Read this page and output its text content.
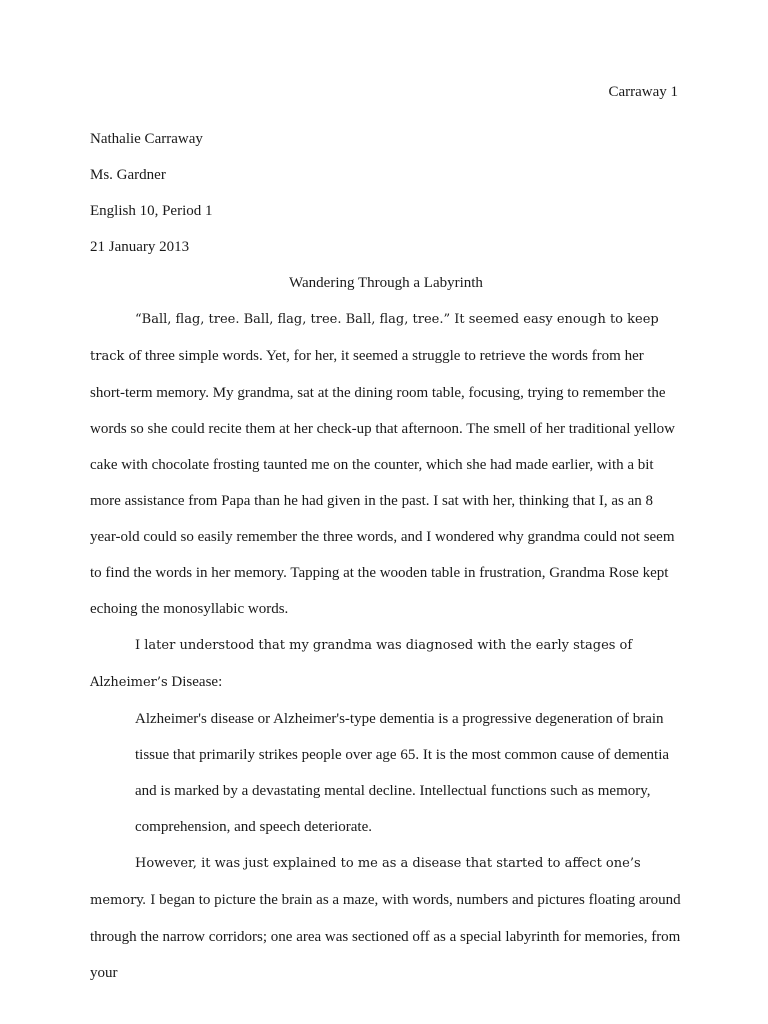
Carraway 1

Nathalie Carraway

Ms. Gardner

English 10, Period 1

21 January 2013

Wandering Through a Labyrinth

“Ball, flag, tree. Ball, flag, tree. Ball, flag, tree.” It seemed easy enough to keep track of three simple words. Yet, for her, it seemed a struggle to retrieve the words from her short-term memory. My grandma, sat at the dining room table, focusing, trying to remember the words so she could recite them at her check-up that afternoon. The smell of her traditional yellow cake with chocolate frosting taunted me on the counter, which she had made earlier, with a bit more assistance from Papa than he had given in the past. I sat with her, thinking that I, as an 8 year-old could so easily remember the three words, and I wondered why grandma could not seem to find the words in her memory. Tapping at the wooden table in frustration, Grandma Rose kept echoing the monosyllabic words.

I later understood that my grandma was diagnosed with the early stages of Alzheimer’s Disease:

Alzheimer's disease or Alzheimer's-type dementia is a progressive degeneration of brain tissue that primarily strikes people over age 65. It is the most common cause of dementia and is marked by a devastating mental decline. Intellectual functions such as memory, comprehension, and speech deteriorate.

However, it was just explained to me as a disease that started to affect one’s memory. I began to picture the brain as a maze, with words, numbers and pictures floating around through the narrow corridors; one area was sectioned off as a special labyrinth for memories, from your
